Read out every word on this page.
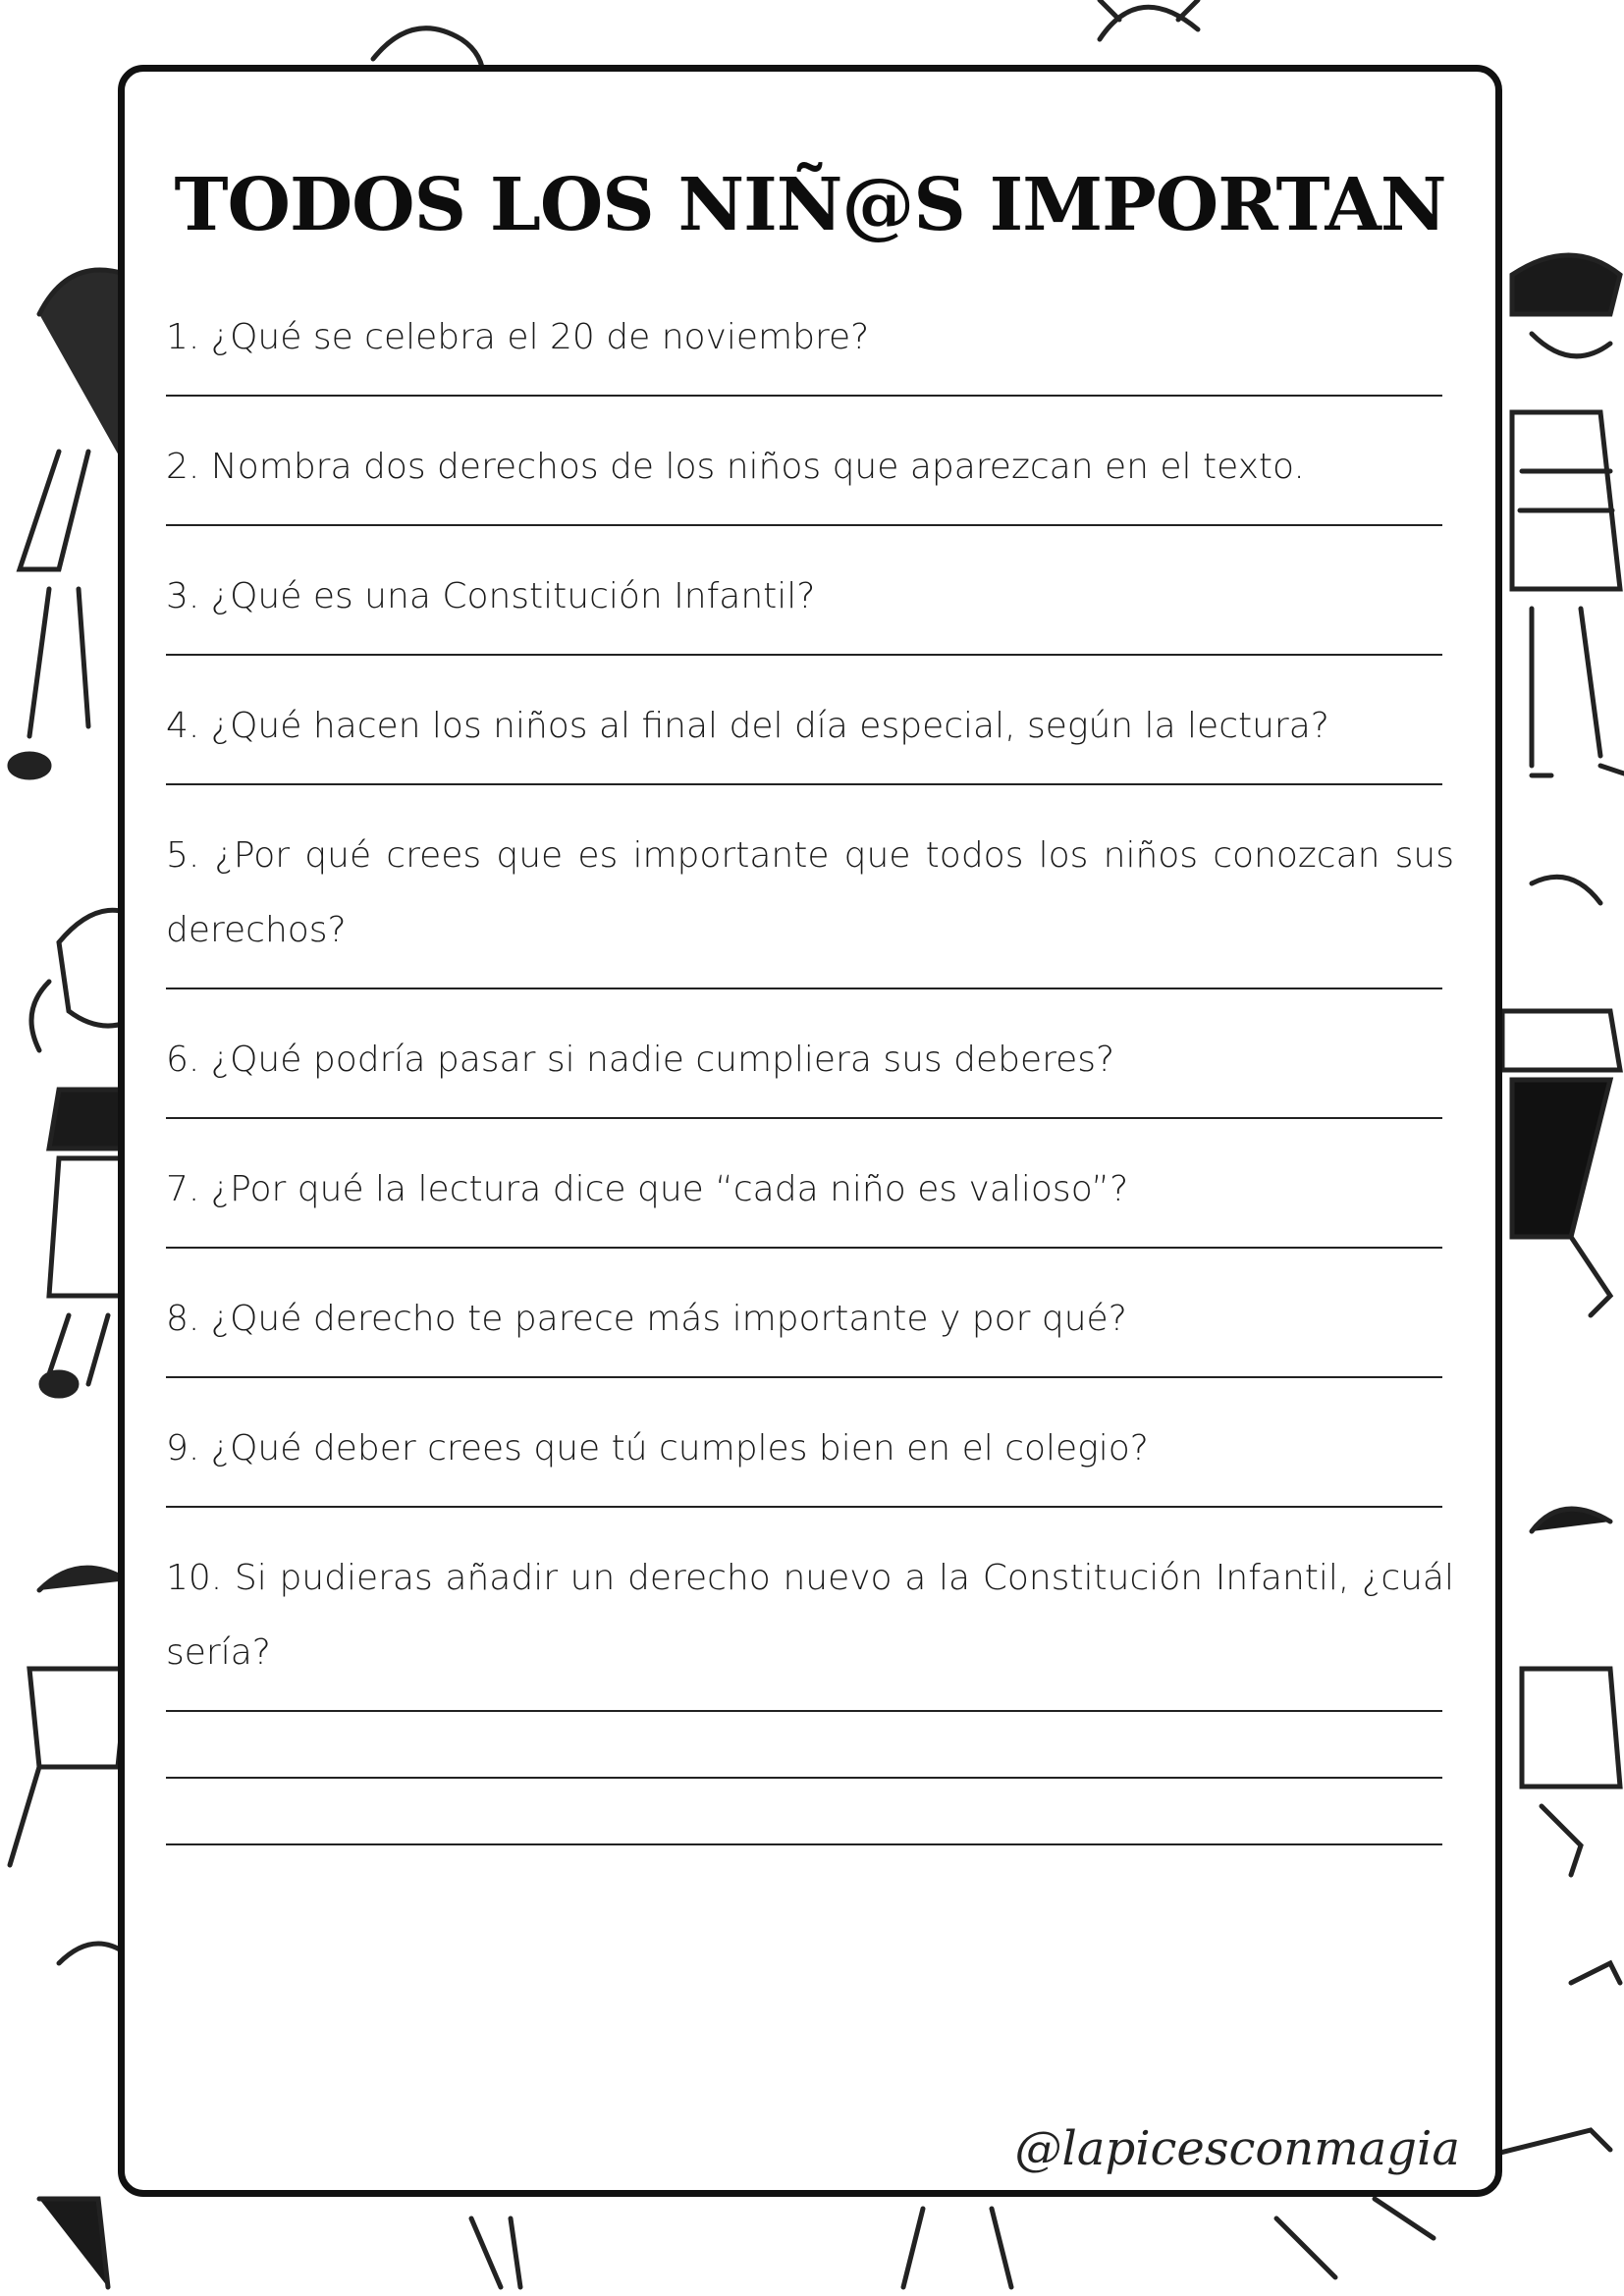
TODOS LOS NIÑ@S IMPORTAN
1. ¿Qué se celebra el 20 de noviembre?
2. Nombra dos derechos de los niños que aparezcan en el texto.
3. ¿Qué es una Constitución Infantil?
4. ¿Qué hacen los niños al final del día especial, según la lectura?
5. ¿Por qué crees que es importante que todos los niños conozcan sus derechos?
6. ¿Qué podría pasar si nadie cumpliera sus deberes?
7. ¿Por qué la lectura dice que “cada niño es valioso”?
8. ¿Qué derecho te parece más importante y por qué?
9. ¿Qué deber crees que tú cumples bien en el colegio?
10. Si pudieras añadir un derecho nuevo a la Constitución Infantil, ¿cuál sería?
@lapicesconmagia
